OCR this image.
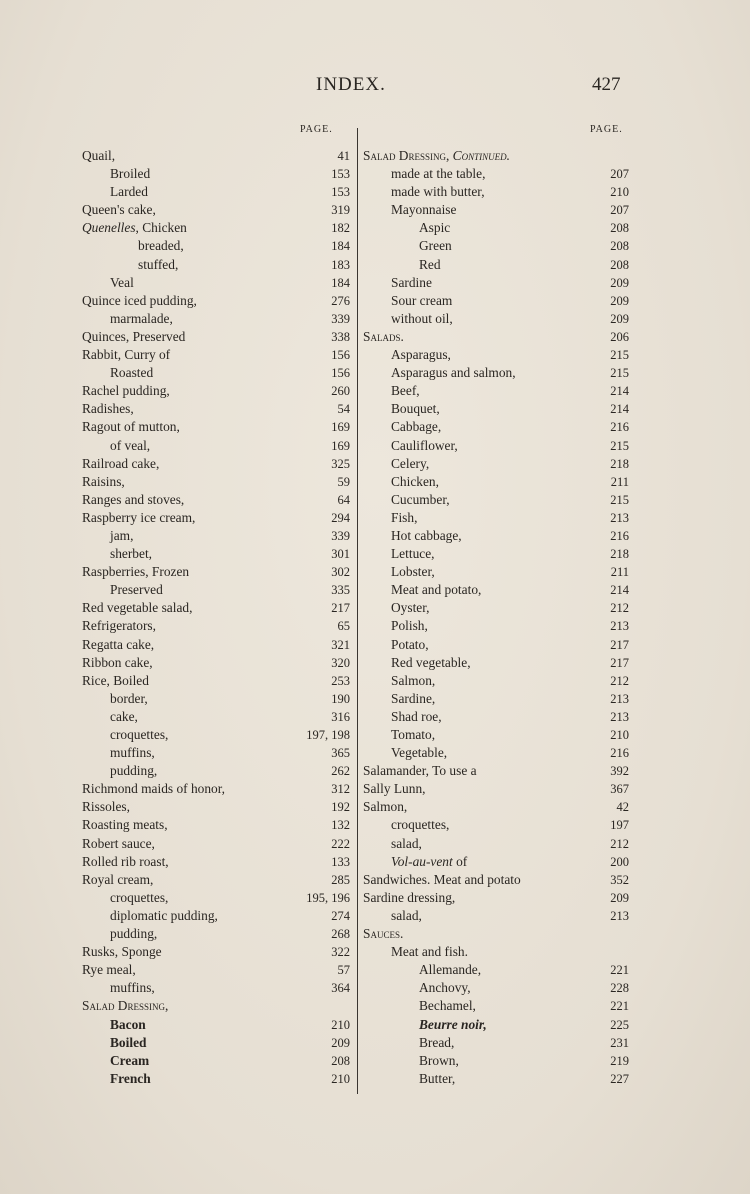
INDEX.	427
PAGE.	PAGE.
Quail,	41
Broiled	153
Larded	153
Queen's cake,	319
Quenelles, Chicken	182
breaded,	184
stuffed,	183
Veal	184
Quince iced pudding,	276
marmalade,	339
Quinces, Preserved	338
Rabbit, Curry of	156
Roasted	156
Rachel pudding,	260
Radishes,	54
Ragout of mutton,	169
of veal,	169
Railroad cake,	325
Raisins,	59
Ranges and stoves,	64
Raspberry ice cream,	294
jam,	339
sherbet,	301
Raspberries, Frozen	302
Preserved	335
Red vegetable salad,	217
Refrigerators,	65
Regatta cake,	321
Ribbon cake,	320
Rice, Boiled	253
border,	190
cake,	316
croquettes,	197, 198
muffins,	365
pudding,	262
Richmond maids of honor,	312
Rissoles,	192
Roasting meats,	132
Robert sauce,	222
Rolled rib roast,	133
Royal cream,	285
croquettes,	195, 196
diplomatic pudding,	274
pudding,	268
Rusks, Sponge	322
Rye meal,	57
muffins,	364
Salad Dressing,
Bacon	210
Boiled	209
Cream	208
French	210
Salad Dressing, Continued.
made at the table,	207
made with butter,	210
Mayonnaise	207
Aspic	208
Green	208
Red	208
Sardine	209
Sour cream	209
without oil,	209
Salads.	206
Asparagus,	215
Asparagus and salmon,	215
Beef,	214
Bouquet,	214
Cabbage,	216
Cauliflower,	215
Celery,	218
Chicken,	211
Cucumber,	215
Fish,	213
Hot cabbage,	216
Lettuce,	218
Lobster,	211
Meat and potato,	214
Oyster,	212
Polish,	213
Potato,	217
Red vegetable,	217
Salmon,	212
Sardine,	213
Shad roe,	213
Tomato,	210
Vegetable,	216
Salamander, To use a	392
Sally Lunn,	367
Salmon,	42
croquettes,	197
salad,	212
Vol-au-vent of	200
Sandwiches. Meat and potato	352
Sardine dressing,	209
salad,	213
Sauces.
Meat and fish.
Allemande,	221
Anchovy,	228
Bechamel,	221
Beurre noir,	225
Bread,	231
Brown,	219
Butter,	227
